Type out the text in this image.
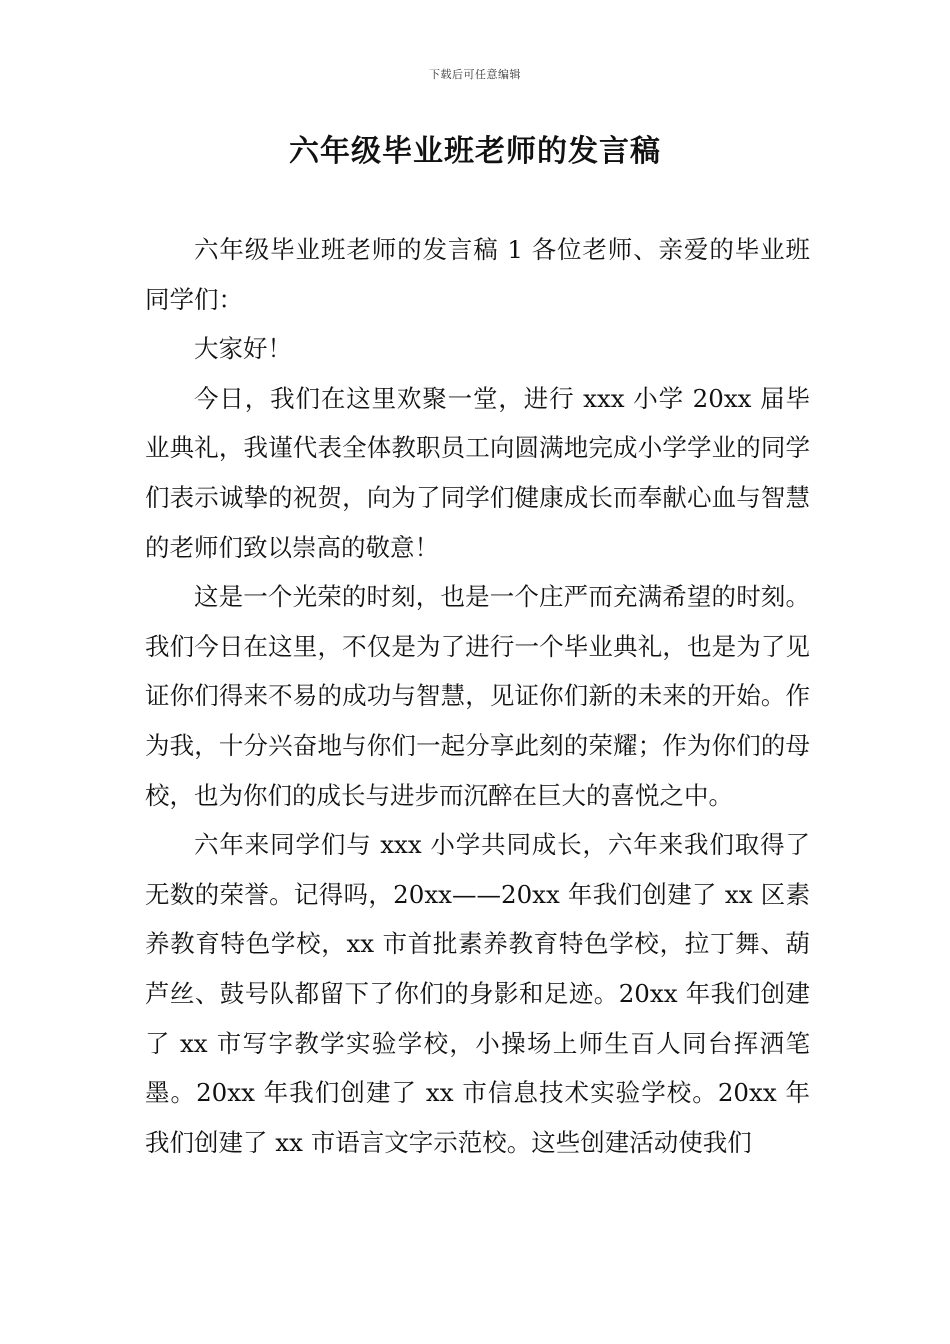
下载后可任意编辑
六年级毕业班老师的发言稿

六年级毕业班老师的发言稿 1 各位老师、亲爱的毕业班同学们：

大家好！

今日，我们在这里欢聚一堂，进行 xxx 小学 20xx 届毕业典礼，我谨代表全体教职员工向圆满地完成小学学业的同学们表示诚挚的祝贺，向为了同学们健康成长而奉献心血与智慧的老师们致以崇高的敬意！

这是一个光荣的时刻，也是一个庄严而充满希望的时刻。我们今日在这里，不仅是为了进行一个毕业典礼，也是为了见证你们得来不易的成功与智慧，见证你们新的未来的开始。作为我，十分兴奋地与你们一起分享此刻的荣耀；作为你们的母校，也为你们的成长与进步而沉醉在巨大的喜悦之中。

六年来同学们与 xxx 小学共同成长，六年来我们取得了无数的荣誉。记得吗，20xx——20xx 年我们创建了 xx 区素养教育特色学校，xx 市首批素养教育特色学校，拉丁舞、葫芦丝、鼓号队都留下了你们的身影和足迹。20xx 年我们创建了 xx 市写字教学实验学校，小操场上师生百人同台挥洒笔墨。20xx 年我们创建了 xx 市信息技术实验学校。20xx 年我们创建了 xx 市语言文字示范校。这些创建活动使我们
